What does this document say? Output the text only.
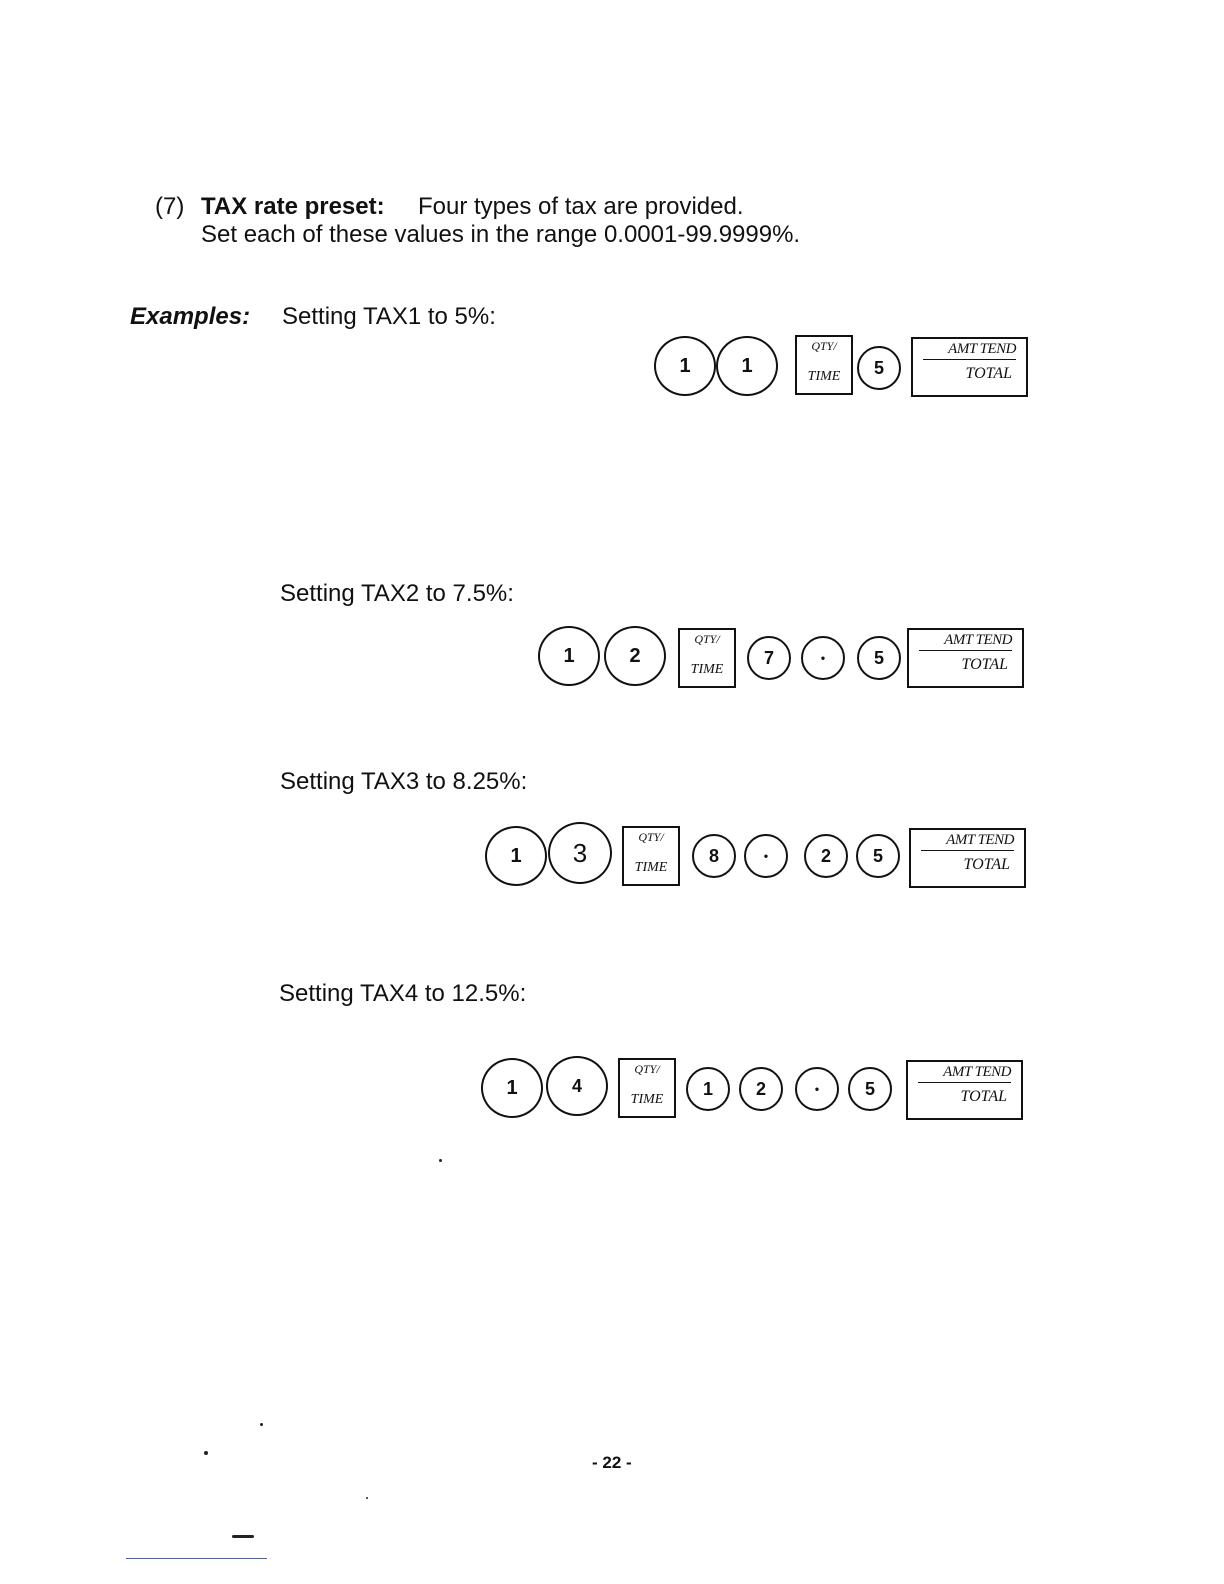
(7) TAX rate preset: Four types of tax are provided.
Set each of these values in the range 0.0001-99.9999%.
Examples: Setting TAX1 to 5%:
1	1
QTY/
TIME	5
AMT TEND
TOTAL
Setting TAX2 to 7.5%:
1	2
QTY/
TIME
7	•	5
AMT TEND
TOTAL
Setting TAX3 to 8.25%:
1	3
QTY/
TIME
8	•	2	5
AMT TEND
TOTAL
Setting TAX4 to 12.5%:
1	4
QTY/
TIME
1	2	•	5
AMT TEND
TOTAL
- 22 -
